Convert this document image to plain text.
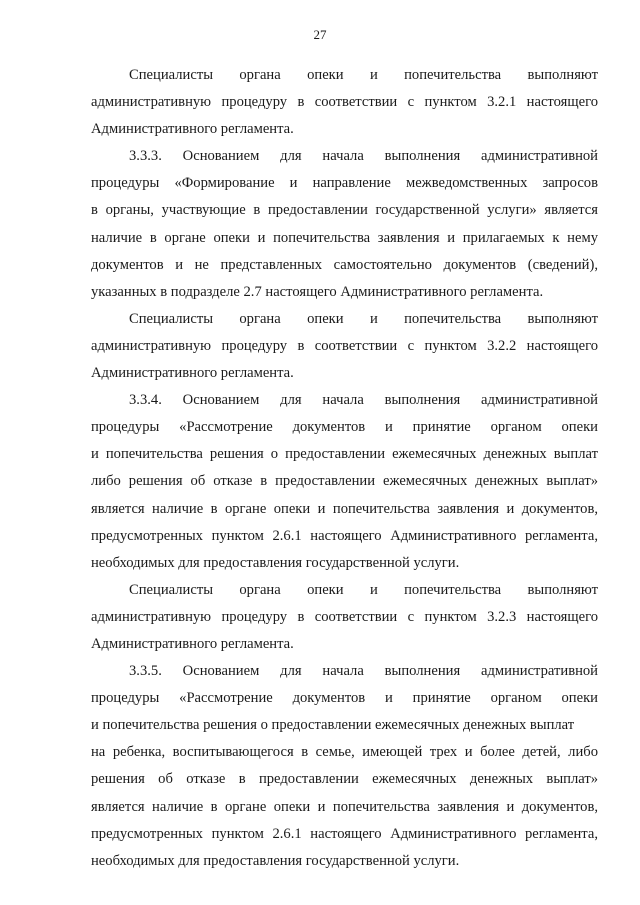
27
Специалисты органа опеки и попечительства выполняют
административную процедуру в соответствии с пунктом 3.2.1 настоящего
Административного регламента.
3.3.3. Основанием для начала выполнения административной
процедуры «Формирование и направление межведомственных запросов
в органы, участвующие в предоставлении государственной услуги» является
наличие в органе опеки и попечительства заявления и прилагаемых к нему
документов и не представленных самостоятельно документов (сведений),
указанных в подразделе 2.7 настоящего Административного регламента.
Специалисты органа опеки и попечительства выполняют
административную процедуру в соответствии с пунктом 3.2.2 настоящего
Административного регламента.
3.3.4. Основанием для начала выполнения административной
процедуры «Рассмотрение документов и принятие органом опеки
и попечительства решения о предоставлении ежемесячных денежных выплат
либо решения об отказе в предоставлении ежемесячных денежных выплат»
является наличие в органе опеки и попечительства заявления и документов,
предусмотренных пунктом 2.6.1 настоящего Административного регламента,
необходимых для предоставления государственной услуги.
Специалисты органа опеки и попечительства выполняют
административную процедуру в соответствии с пунктом 3.2.3 настоящего
Административного регламента.
3.3.5. Основанием для начала выполнения административной
процедуры «Рассмотрение документов и принятие органом опеки
и попечительства решения о предоставлении ежемесячных денежных выплат
на ребенка, воспитывающегося в семье, имеющей трех и более детей, либо
решения об отказе в предоставлении ежемесячных денежных выплат»
является наличие в органе опеки и попечительства заявления и документов,
предусмотренных пунктом 2.6.1 настоящего Административного регламента,
необходимых для предоставления государственной услуги.
